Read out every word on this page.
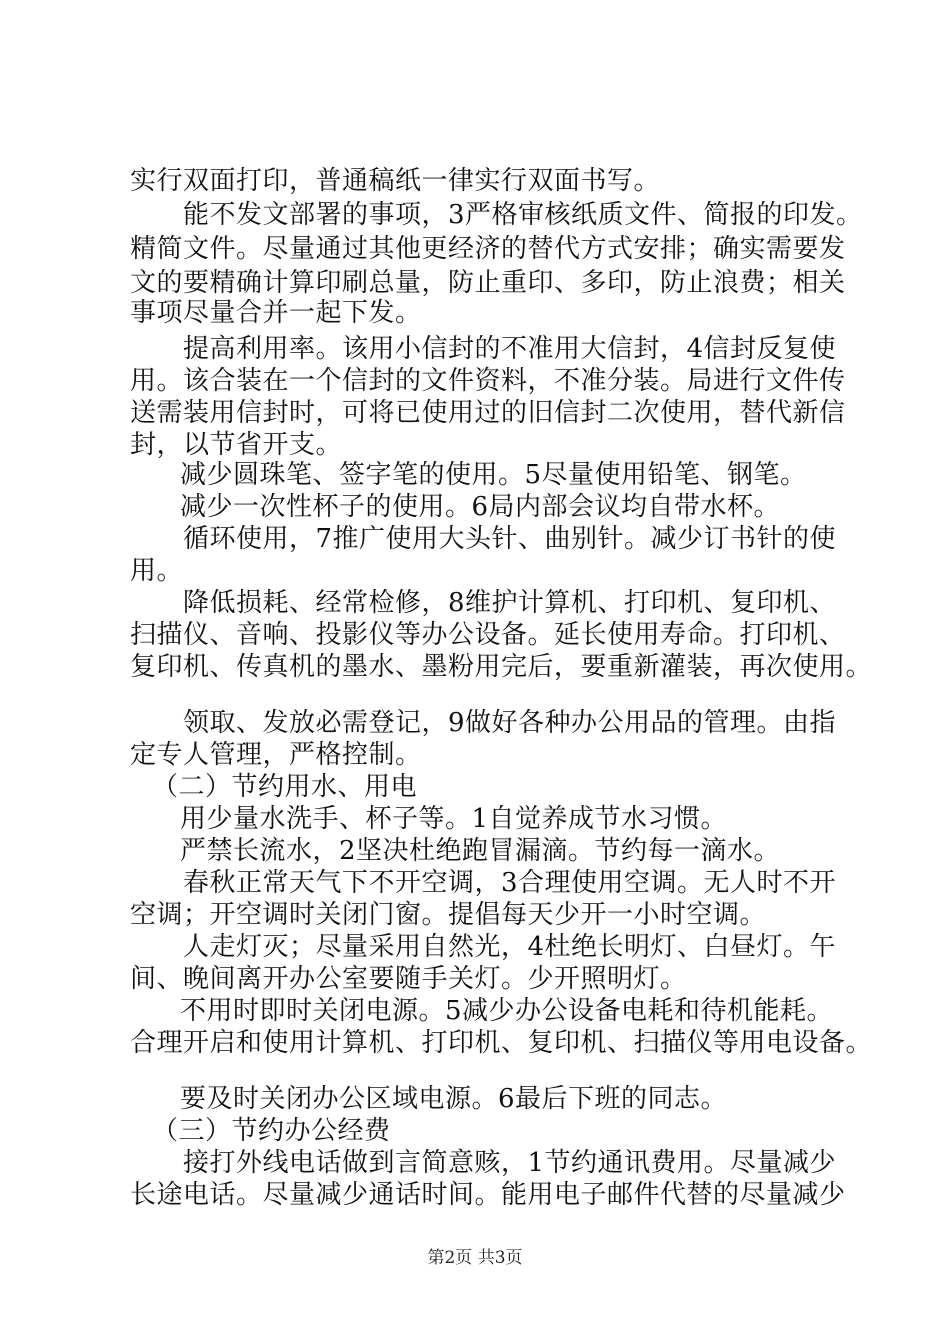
实行双面打印，普通稿纸一律实行双面书写。
能不发文部署的事项，3严格审核纸质文件、简报的印发。
精简文件。尽量通过其他更经济的替代方式安排；确实需要发
文的要精确计算印刷总量，防止重印、多印，防止浪费；相关
事项尽量合并一起下发。
提高利用率。该用小信封的不准用大信封，4信封反复使
用。该合装在一个信封的文件资料，不准分装。局进行文件传
送需装用信封时，可将已使用过的旧信封二次使用，替代新信
封，以节省开支。
减少圆珠笔、签字笔的使用。5尽量使用铅笔、钢笔。
减少一次性杯子的使用。6局内部会议均自带水杯。
循环使用，7推广使用大头针、曲别针。减少订书针的使
用。
降低损耗、经常检修，8维护计算机、打印机、复印机、
扫描仪、音响、投影仪等办公设备。延长使用寿命。打印机、
复印机、传真机的墨水、墨粉用完后，要重新灌装，再次使用。
领取、发放必需登记，9做好各种办公用品的管理。由指
定专人管理，严格控制。
（二）节约用水、用电
用少量水洗手、杯子等。1自觉养成节水习惯。
严禁长流水，2坚决杜绝跑冒漏滴。节约每一滴水。
春秋正常天气下不开空调，3合理使用空调。无人时不开
空调；开空调时关闭门窗。提倡每天少开一小时空调。
人走灯灭；尽量采用自然光，4杜绝长明灯、白昼灯。午
间、晚间离开办公室要随手关灯。少开照明灯。
不用时即时关闭电源。5减少办公设备电耗和待机能耗。
合理开启和使用计算机、打印机、复印机、扫描仪等用电设备。
要及时关闭办公区域电源。6最后下班的同志。
（三）节约办公经费
接打外线电话做到言简意赅，1节约通讯费用。尽量减少
长途电话。尽量减少通话时间。能用电子邮件代替的尽量减少
第2页 共3页
